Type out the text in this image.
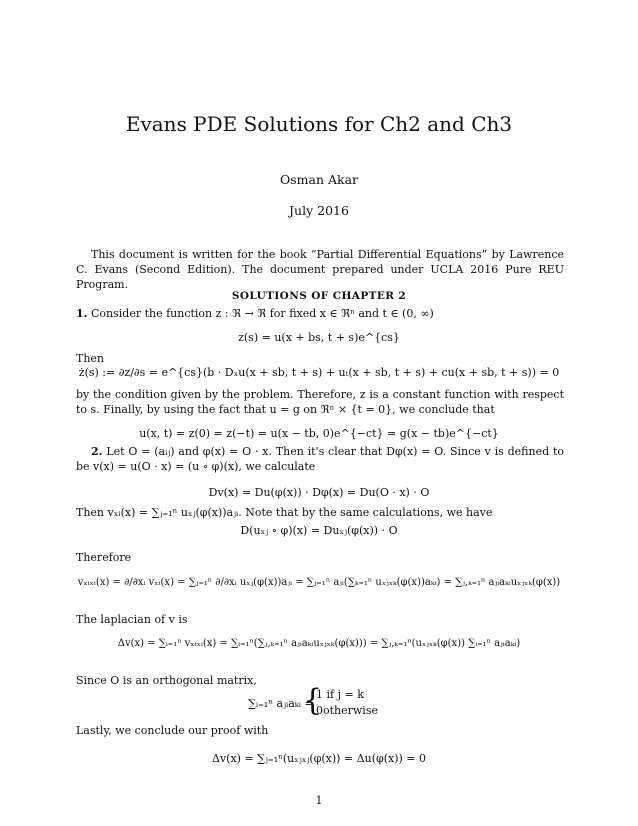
Evans PDE Solutions for Ch2 and Ch3
Osman Akar
July 2016
This document is written for the book ”Partial Differential Equations” by Lawrence C. Evans (Second Edition). The document prepared under UCLA 2016 Pure REU Program.
SOLUTIONS OF CHAPTER 2
1. Consider the function z : ℜ → ℜ for fixed x ∈ ℜⁿ and t ∈ (0, ∞)
z(s) = u(x + bs, t + s)e^{cs}
Then
ż(s) := ∂z/∂s = e^{cs}(b · Dₓu(x + sb, t + s) + uₜ(x + sb, t + s) + cu(x + sb, t + s)) = 0
by the condition given by the problem. Therefore, z is a constant function with respect to s. Finally, by using the fact that u = g on ℜⁿ × {t = 0}, we conclude that
u(x, t) = z(0) = z(−t) = u(x − tb, 0)e^{−ct} = g(x − tb)e^{−ct}
2. Let O = (aᵢⱼ) and φ(x) = O · x. Then it's clear that Dφ(x) = O. Since v is defined to be v(x) = u(O · x) = (u ∘ φ)(x), we calculate
Dv(x) = Du(φ(x)) · Dφ(x) = Du(O · x) · O
Then vₓᵢ(x) = ∑ⱼ₌₁ⁿ uₓⱼ(φ(x))aⱼᵢ. Note that by the same calculations, we have
D(uₓⱼ ∘ φ)(x) = Duₓⱼ(φ(x)) · O
Therefore
vₓᵢₓᵢ(x) = ∂/∂xᵢ vₓᵢ(x) = ∑ⱼ₌₁ⁿ ∂/∂xᵢ uₓⱼ(φ(x))aⱼᵢ = ∑ⱼ₌₁ⁿ aⱼᵢ(∑ₖ₌₁ⁿ uₓⱼₓₖ(φ(x))aₖᵢ) = ∑ⱼ,ₖ₌₁ⁿ aⱼᵢaₖᵢuₓⱼₓₖ(φ(x))
The laplacian of v is
Δv(x) = ∑ᵢ₌₁ⁿ vₓᵢₓᵢ(x) = ∑ᵢ₌₁ⁿ(∑ⱼ,ₖ₌₁ⁿ aⱼᵢaₖᵢuₓⱼₓₖ(φ(x))) = ∑ⱼ,ₖ₌₁ⁿ(uₓⱼₓₖ(φ(x)) ∑ᵢ₌₁ⁿ aⱼᵢaₖᵢ)
Since O is an orthogonal matrix,
∑ᵢ₌₁ⁿ aⱼᵢaₖᵢ =
{
1 if j = k
0otherwise
Lastly, we conclude our proof with
Δv(x) = ∑ⱼ₌₁ⁿ(uₓⱼₓⱼ(φ(x)) = Δu(φ(x)) = 0
1
